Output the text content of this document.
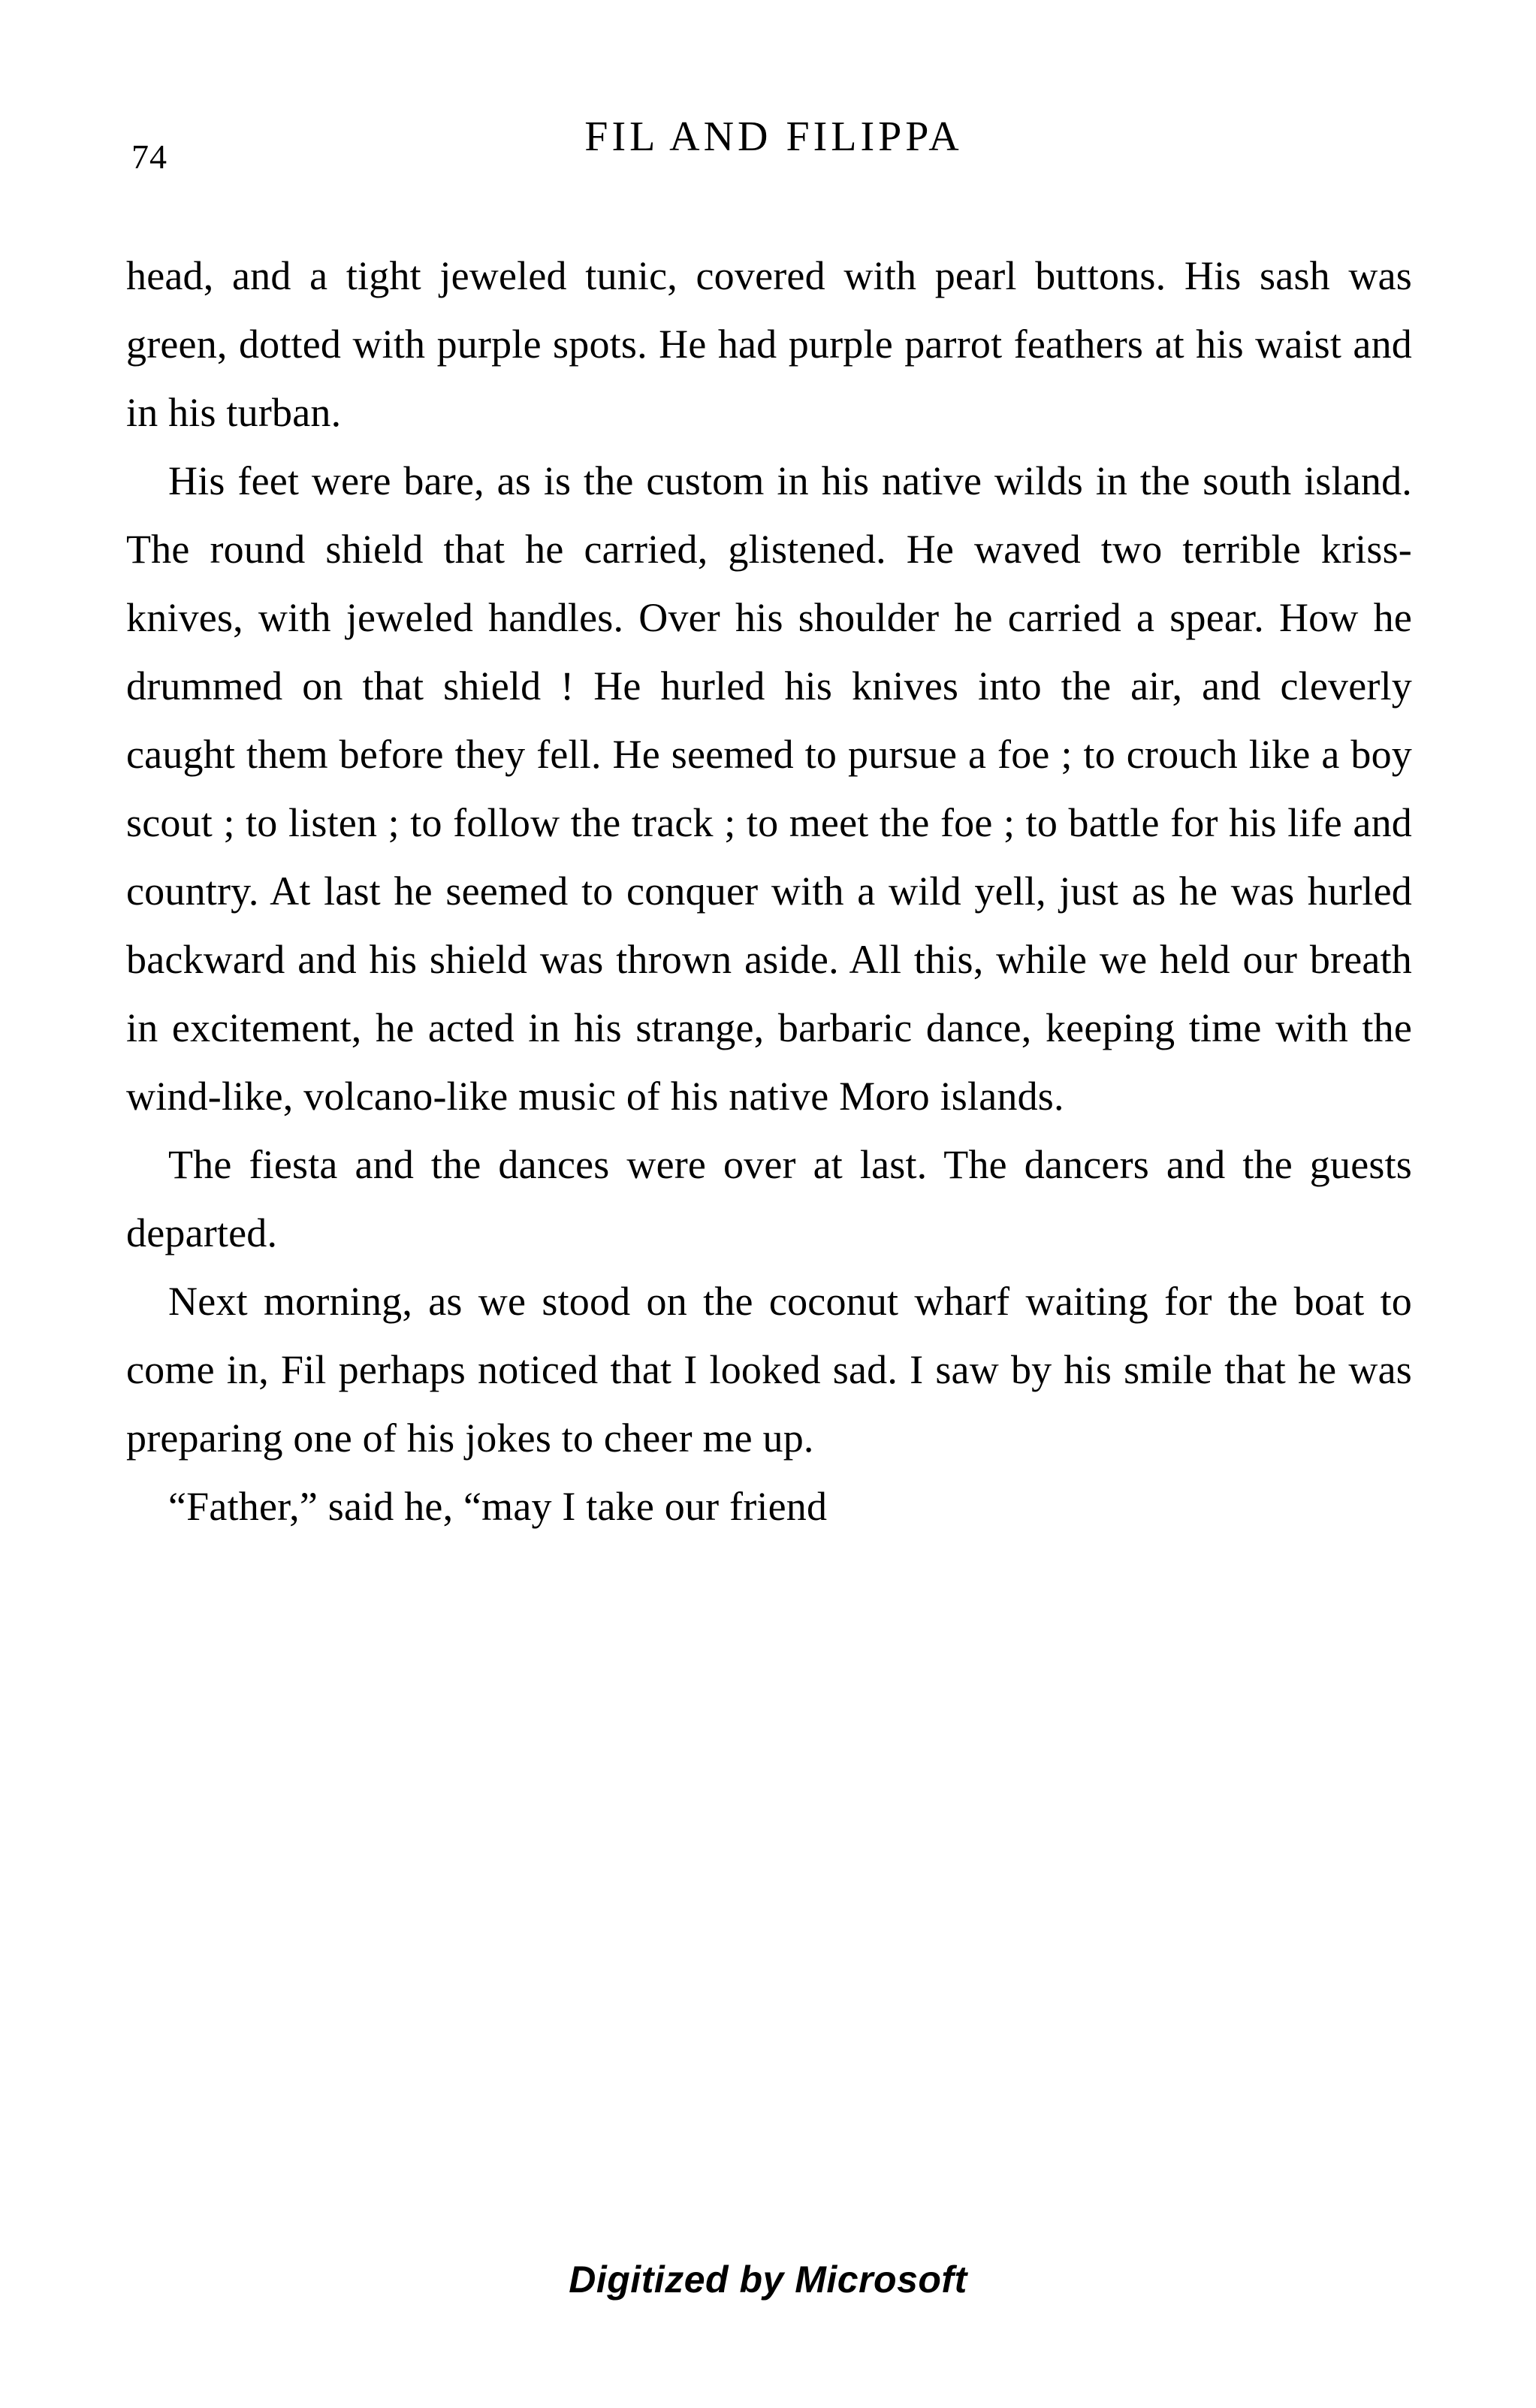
74	FIL AND FILIPPA

head, and a tight jeweled tunic, covered with pearl buttons. His sash was green, dotted with purple spots. He had purple parrot feathers at his waist and in his turban.

His feet were bare, as is the custom in his native wilds in the south island. The round shield that he carried, glistened. He waved two terrible kriss-knives, with jeweled handles. Over his shoulder he carried a spear. How he drummed on that shield ! He hurled his knives into the air, and cleverly caught them before they fell. He seemed to pursue a foe ; to crouch like a boy scout ; to listen ; to follow the track ; to meet the foe ; to battle for his life and country. At last he seemed to conquer with a wild yell, just as he was hurled backward and his shield was thrown aside. All this, while we held our breath in excitement, he acted in his strange, barbaric dance, keeping time with the wind-like, volcano-like music of his native Moro islands.

The fiesta and the dances were over at last. The dancers and the guests departed.

Next morning, as we stood on the coconut wharf waiting for the boat to come in, Fil perhaps noticed that I looked sad. I saw by his smile that he was preparing one of his jokes to cheer me up.

“Father,” said he, “may I take our friend

Digitized by Microsoft
